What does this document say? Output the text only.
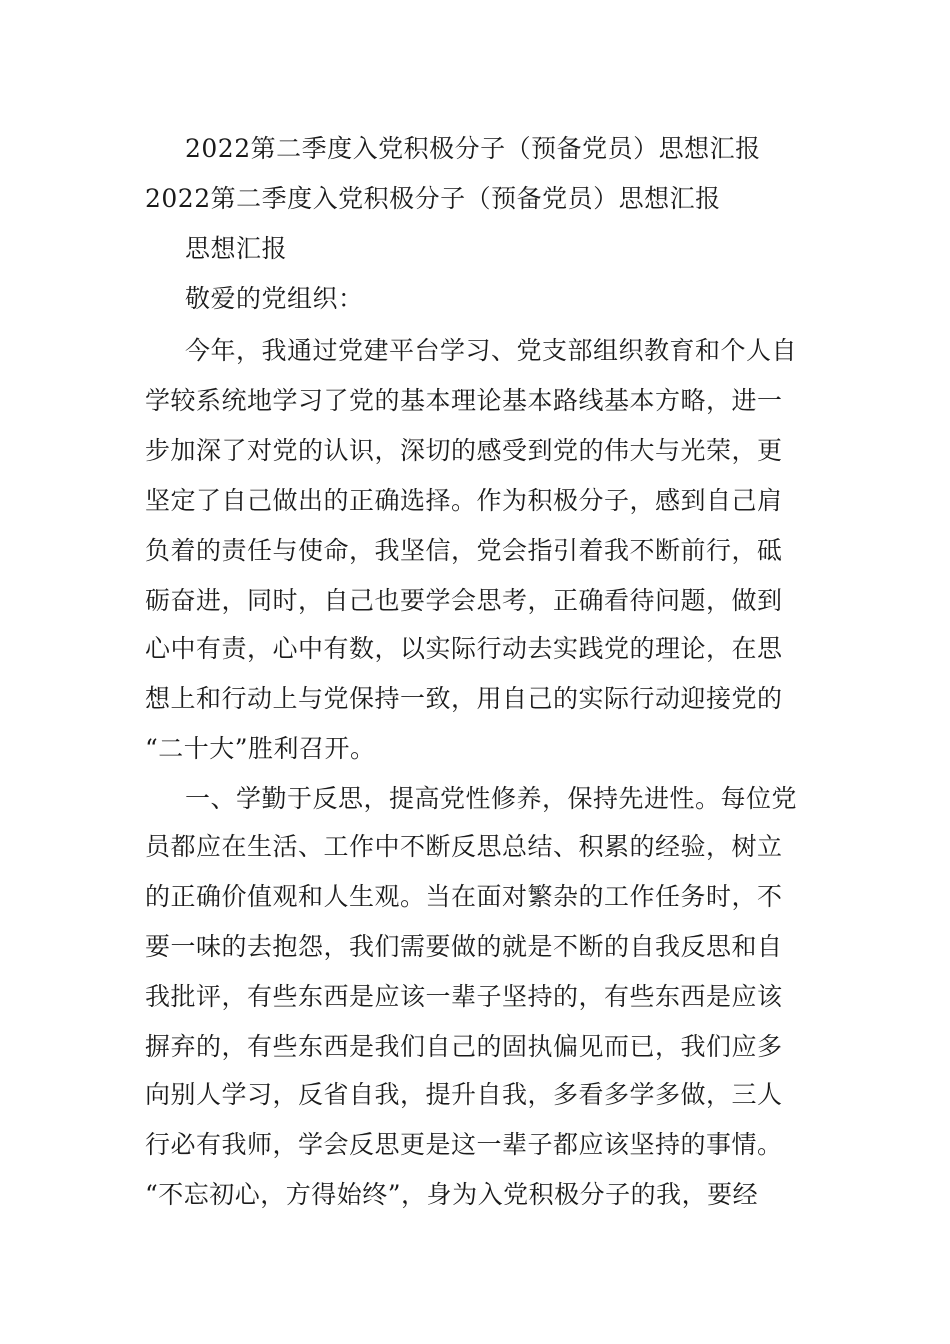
2022第二季度入党积极分子（预备党员）思想汇报
2022第二季度入党积极分子（预备党员）思想汇报
思想汇报
敬爱的党组织：
今年，我通过党建平台学习、党支部组织教育和个人自
学较系统地学习了党的基本理论基本路线基本方略，进一
步加深了对党的认识，深切的感受到党的伟大与光荣，更
坚定了自己做出的正确选择。作为积极分子，感到自己肩
负着的责任与使命，我坚信，党会指引着我不断前行，砥
砺奋进，同时，自己也要学会思考，正确看待问题，做到
心中有责，心中有数，以实际行动去实践党的理论，在思
想上和行动上与党保持一致，用自己的实际行动迎接党的
“二十大”胜利召开。
一、学勤于反思，提高党性修养，保持先进性。每位党
员都应在生活、工作中不断反思总结、积累的经验，树立
的正确价值观和人生观。当在面对繁杂的工作任务时，不
要一味的去抱怨，我们需要做的就是不断的自我反思和自
我批评，有些东西是应该一辈子坚持的，有些东西是应该
摒弃的，有些东西是我们自己的固执偏见而已，我们应多
向别人学习，反省自我，提升自我，多看多学多做，三人
行必有我师，学会反思更是这一辈子都应该坚持的事情。
“不忘初心，方得始终”，身为入党积极分子的我，要经
